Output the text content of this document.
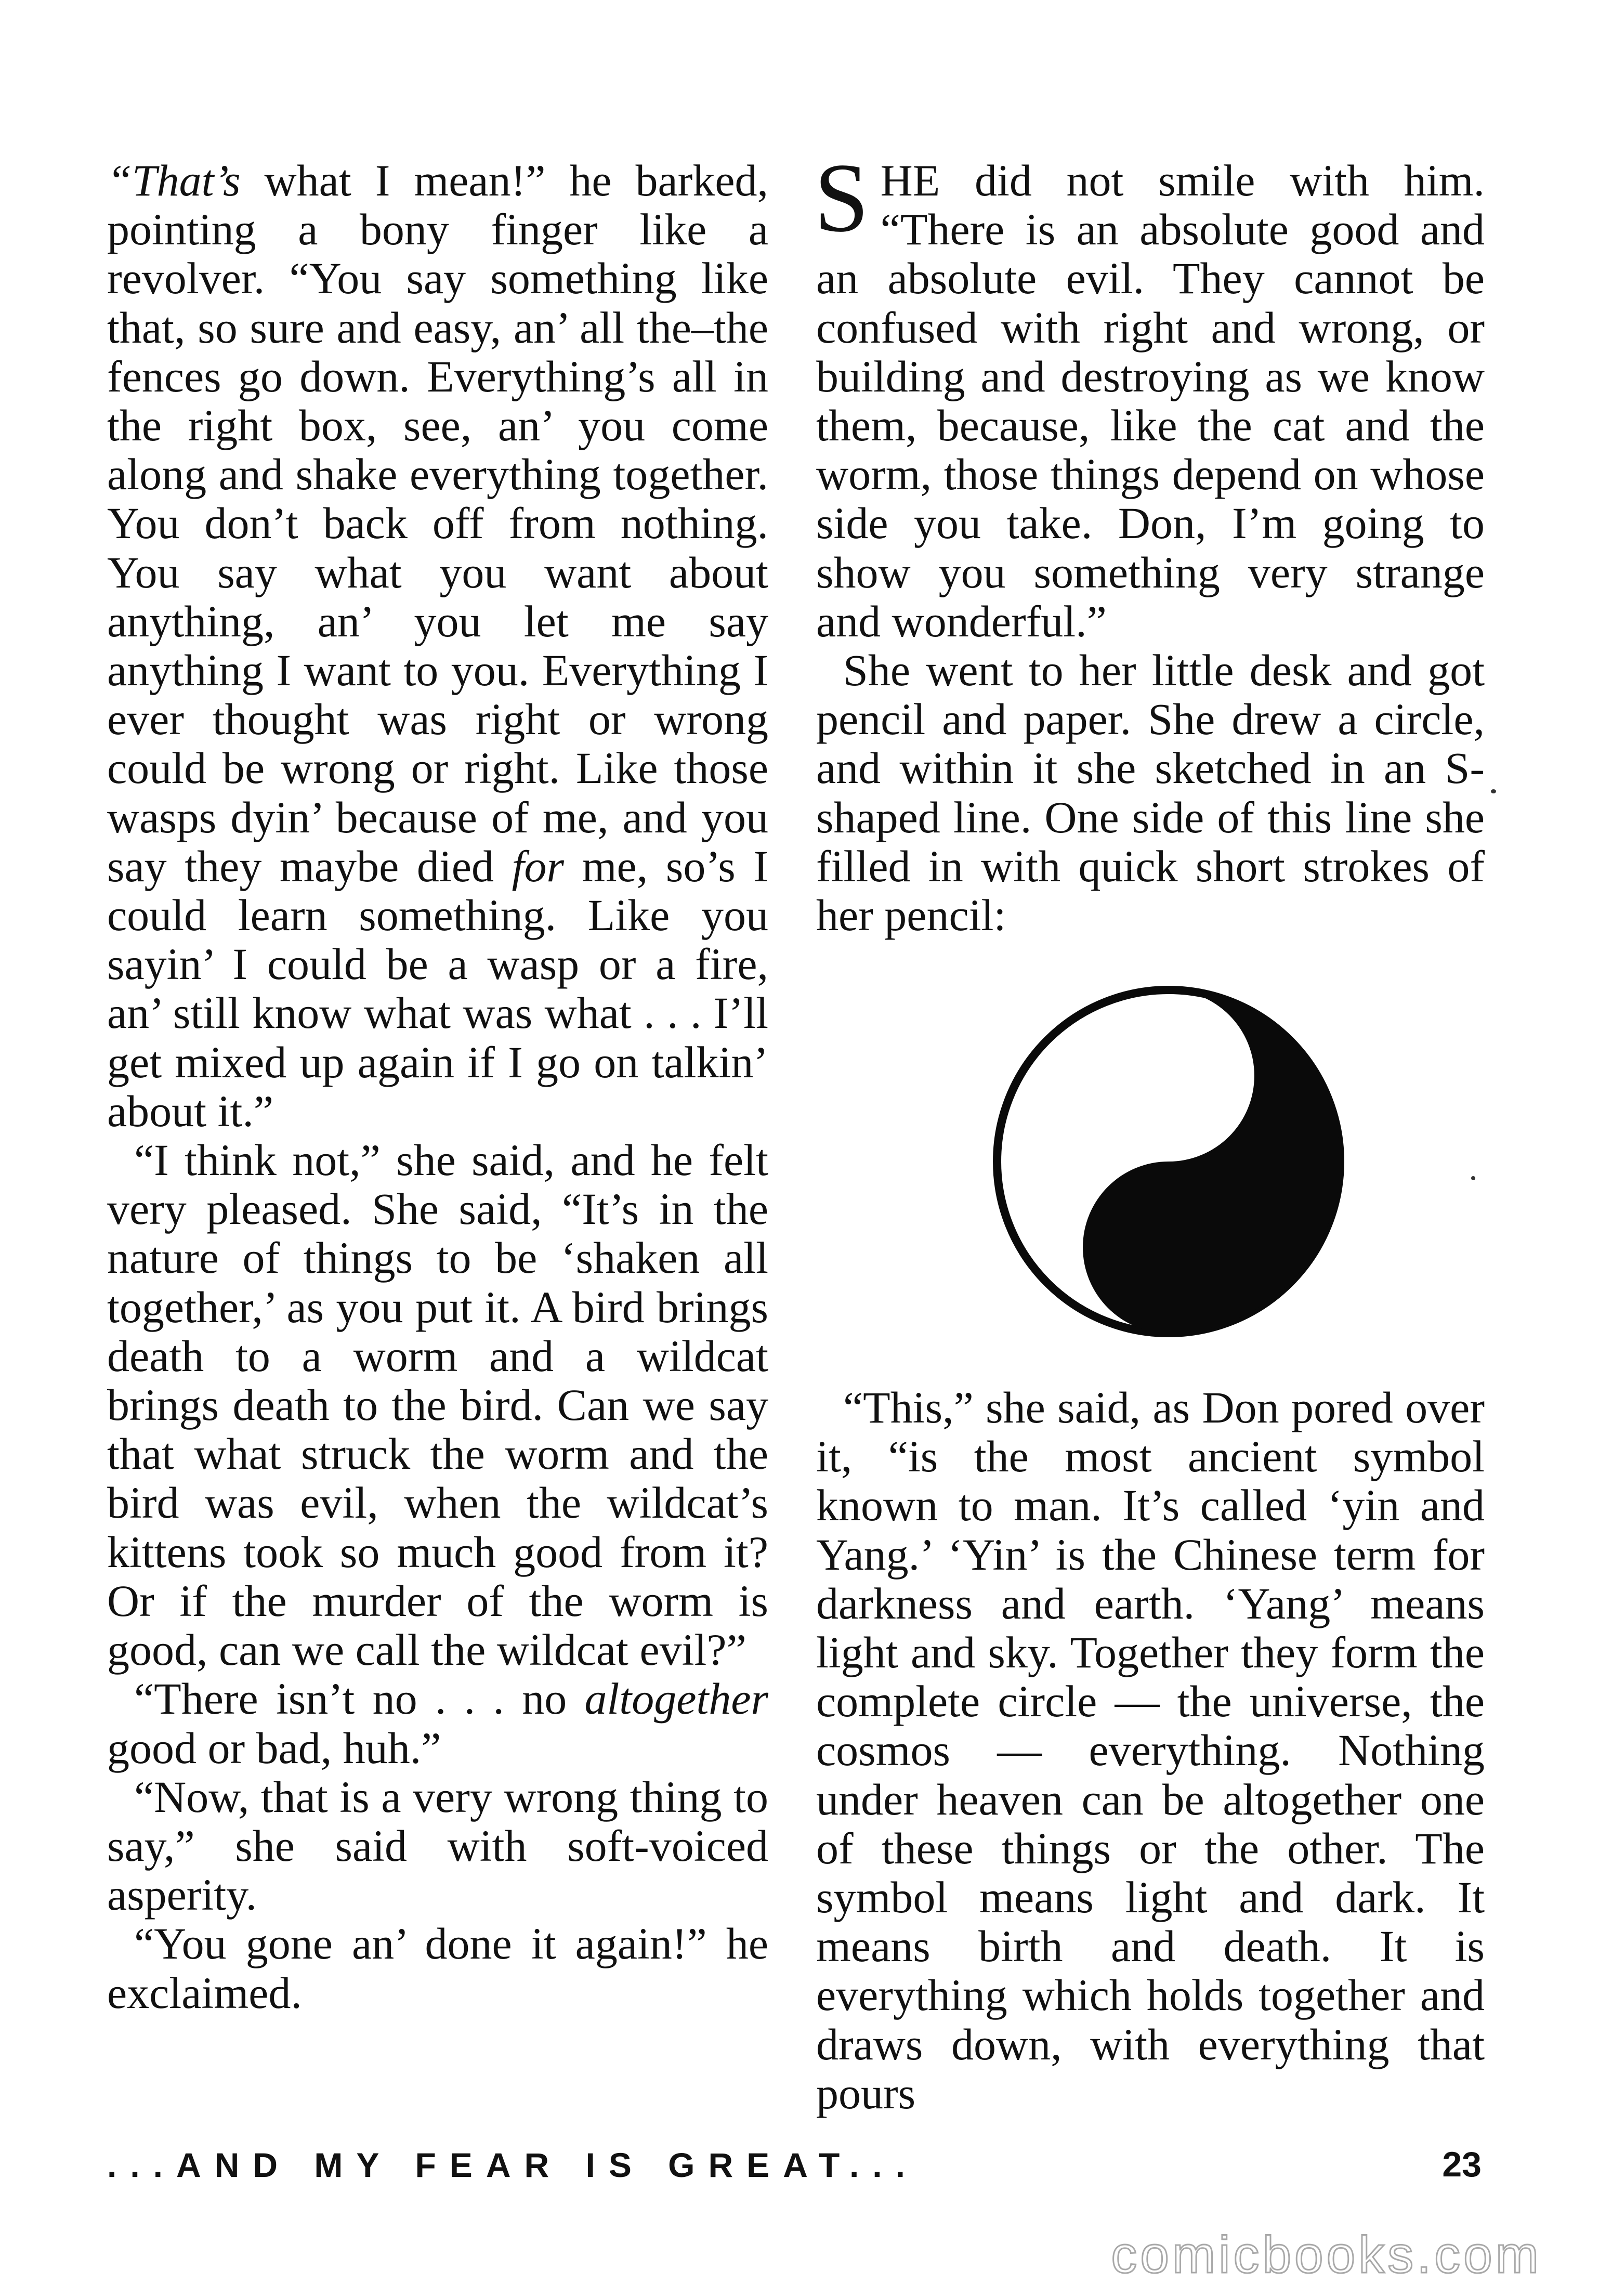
“That’s what I mean!” he barked, pointing a bony finger like a revolver. “You say something like that, so sure and easy, an’ all the–the fences go down. Everything’s all in the right box, see, an’ you come along and shake everything together. You don’t back off from nothing. You say what you want about anything, an’ you let me say anything I want to you. Everything I ever thought was right or wrong could be wrong or right. Like those wasps dyin’ because of me, and you say they maybe died for me, so’s I could learn something. Like you sayin’ I could be a wasp or a fire, an’ still know what was what . . . I’ll get mixed up again if I go on talkin’ about it.”

“I think not,” she said, and he felt very pleased. She said, “It’s in the nature of things to be ‘shaken all together,’ as you put it. A bird brings death to a worm and a wildcat brings death to the bird. Can we say that what struck the worm and the bird was evil, when the wildcat’s kittens took so much good from it? Or if the murder of the worm is good, can we call the wildcat evil?”

“There isn’t no . . . no altogether good or bad, huh.”

“Now, that is a very wrong thing to say,” she said with soft-voiced asperity.

“You gone an’ done it again!” he exclaimed.

SHE did not smile with him. “There is an absolute good and an absolute evil. They cannot be confused with right and wrong, or building and destroying as we know them, because, like the cat and the worm, those things depend on whose side you take. Don, I’m going to show you something very strange and wonderful.”

She went to her little desk and got pencil and paper. She drew a circle, and within it she sketched in an S-shaped line. One side of this line she filled in with quick short strokes of her pencil:

“This,” she said, as Don pored over it, “is the most ancient symbol known to man. It’s called ‘yin and Yang.’ ‘Yin’ is the Chinese term for darkness and earth. ‘Yang’ means light and sky. Together they form the complete circle — the universe, the cosmos — everything. Nothing under heaven can be altogether one of these things or the other. The symbol means light and dark. It means birth and death. It is everything which holds together and draws down, with everything that pours

...AND MY FEAR IS GREAT...	23
comicbooks.com
